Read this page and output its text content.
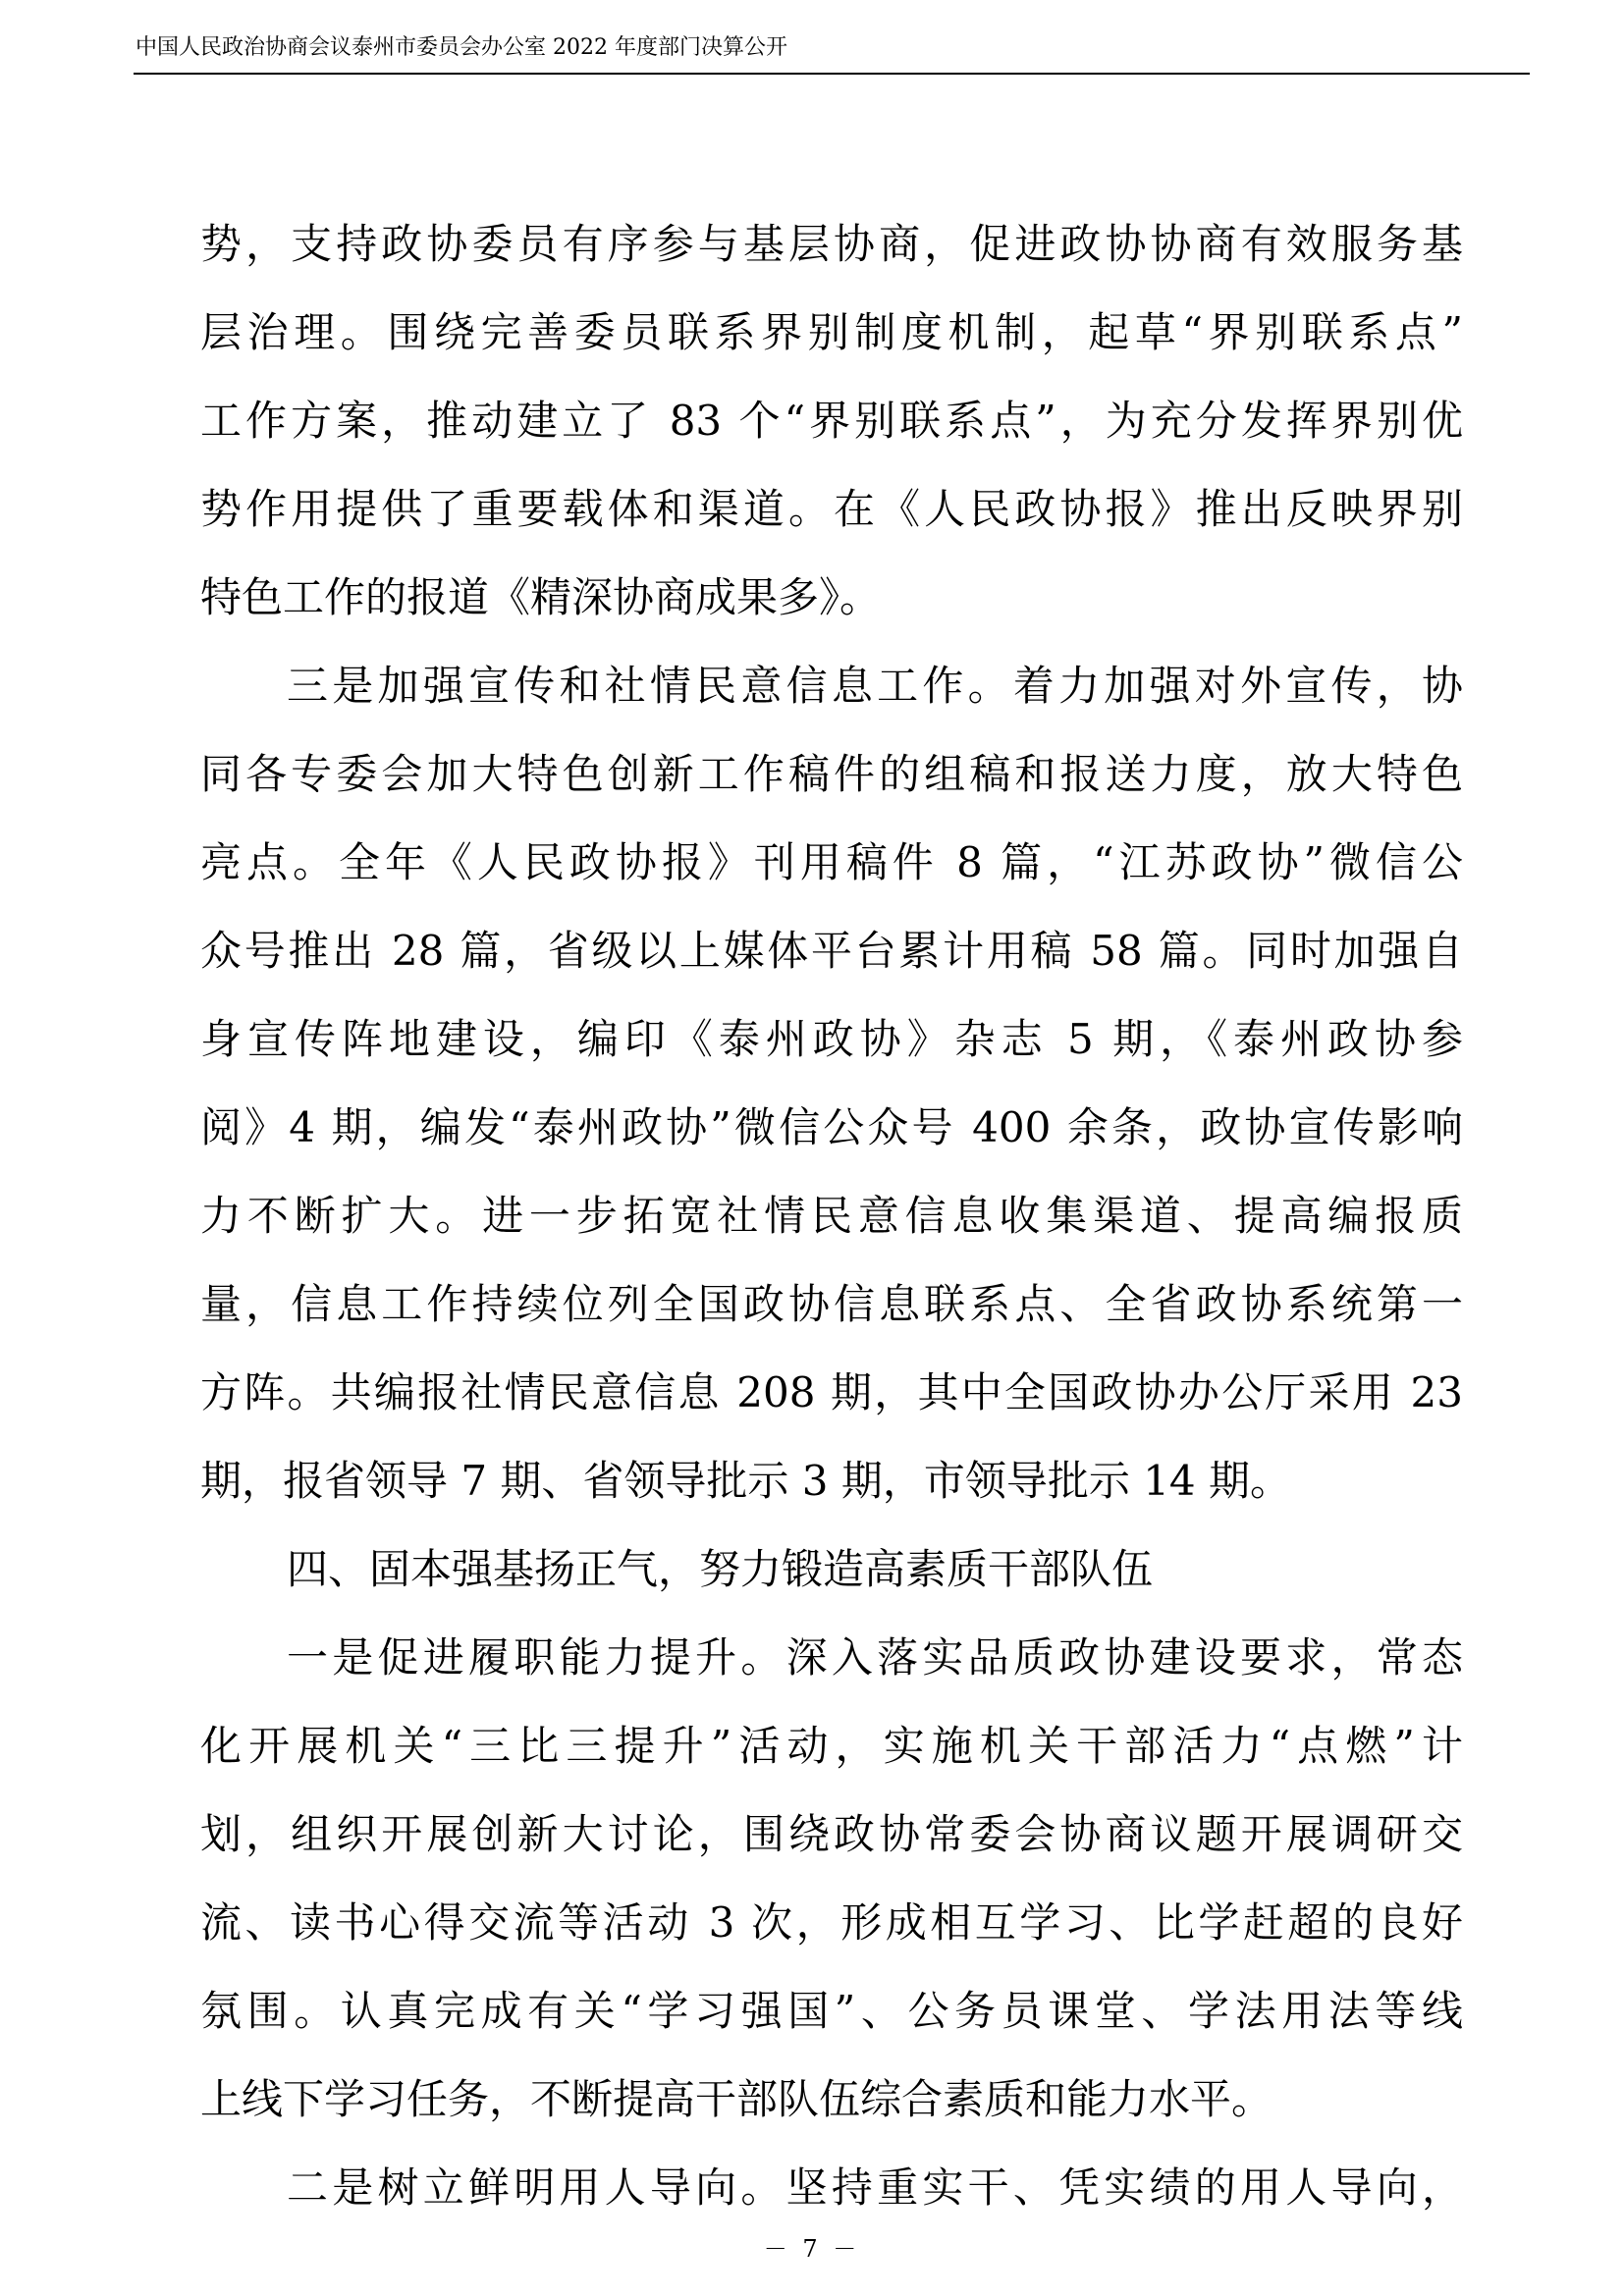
中国人民政治协商会议泰州市委员会办公室 2022 年度部门决算公开
势，支持政协委员有序参与基层协商，促进政协协商有效服务基
层治理。围绕完善委员联系界别制度机制，起草“界别联系点”
工作方案，推动建立了 83 个“界别联系点”，为充分发挥界别优
势作用提供了重要载体和渠道。在《人民政协报》推出反映界别
特色工作的报道《精深协商成果多》。
三是加强宣传和社情民意信息工作。着力加强对外宣传，协
同各专委会加大特色创新工作稿件的组稿和报送力度，放大特色
亮点。全年《人民政协报》刊用稿件 8 篇，“江苏政协”微信公
众号推出 28 篇，省级以上媒体平台累计用稿 58 篇。同时加强自
身宣传阵地建设，编印《泰州政协》杂志 5 期，《泰州政协参
阅》4 期，编发“泰州政协”微信公众号 400 余条，政协宣传影响
力不断扩大。进一步拓宽社情民意信息收集渠道、提高编报质
量，信息工作持续位列全国政协信息联系点、全省政协系统第一
方阵。共编报社情民意信息 208 期，其中全国政协办公厅采用 23
期，报省领导 7 期、省领导批示 3 期，市领导批示 14 期。
四、固本强基扬正气，努力锻造高素质干部队伍
一是促进履职能力提升。深入落实品质政协建设要求，常态
化开展机关“三比三提升”活动，实施机关干部活力“点燃”计
划，组织开展创新大讨论，围绕政协常委会协商议题开展调研交
流、读书心得交流等活动 3 次，形成相互学习、比学赶超的良好
氛围。认真完成有关“学习强国”、公务员课堂、学法用法等线
上线下学习任务，不断提高干部队伍综合素质和能力水平。
二是树立鲜明用人导向。坚持重实干、凭实绩的用人导向，
－ 7 －
